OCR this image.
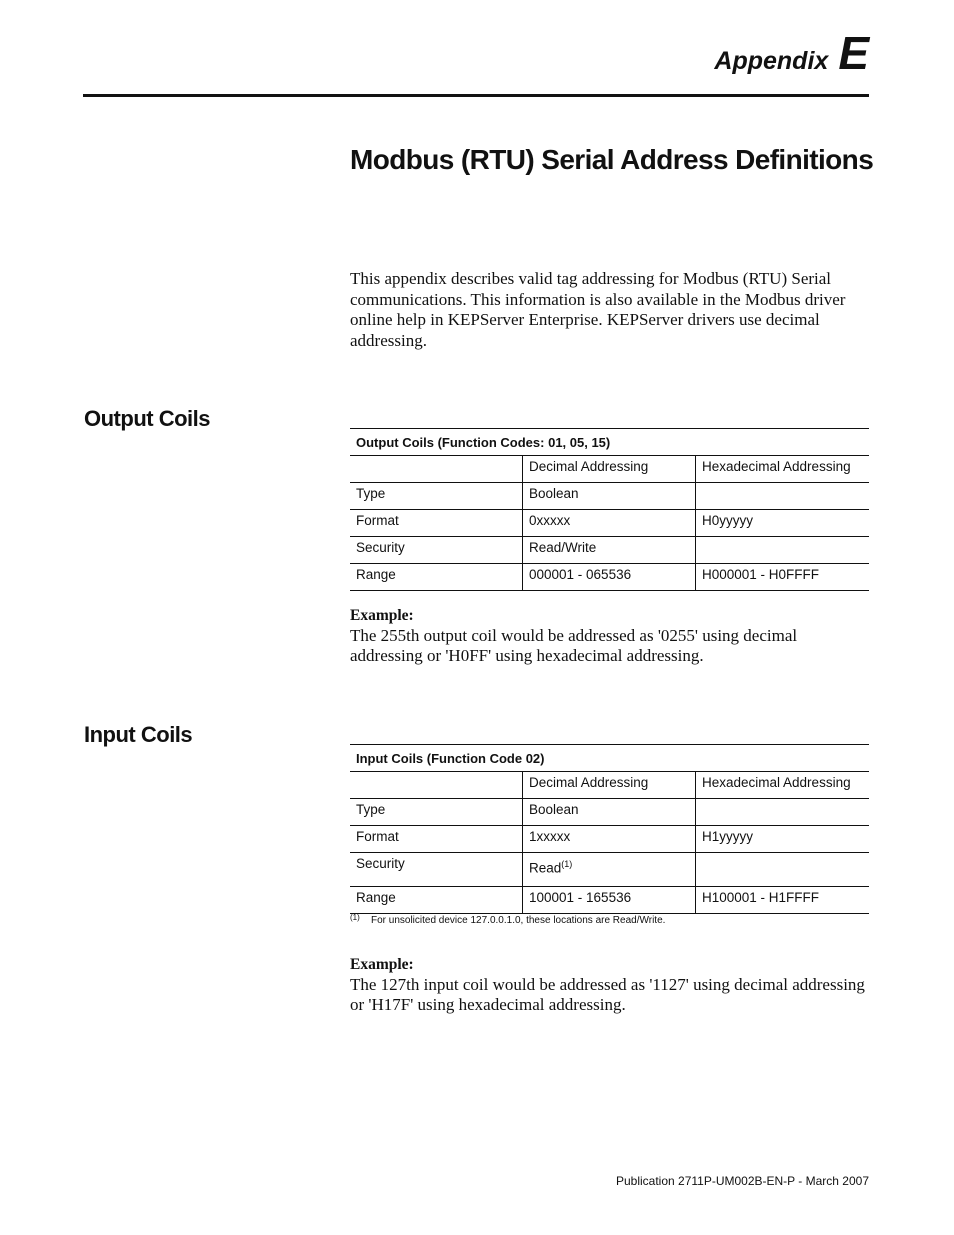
Appendix E
Modbus (RTU) Serial Address Definitions

This appendix describes valid tag addressing for Modbus (RTU) Serial communications. This information is also available in the Modbus driver online help in KEPServer Enterprise. KEPServer drivers use decimal addressing.

Output Coils
Output Coils (Function Codes: 01, 05, 15)		
	Decimal Addressing	Hexadecimal Addressing
Type	Boolean	
Format	0xxxxx	H0yyyyy
Security	Read/Write	
Range	000001 - 065536	H000001 - H0FFFF

Example:

The 255th output coil would be addressed as '0255' using decimal addressing or 'H0FF' using hexadecimal addressing.

Input Coils
Input Coils (Function Code 02)		
	Decimal Addressing	Hexadecimal Addressing
Type	Boolean	
Format	1xxxxx	H1yyyyy
Security	Read$^{(1)}$	
Range	100001 - 165536	H100001 - H1FFFF
(1)	For unsolicited device 127.0.0.1.0, these locations are Read/Write.

Example:

The 127th input coil would be addressed as '1127' using decimal addressing or 'H17F' using hexadecimal addressing.

Publication 2711P-UM002B-EN-P - March 2007
